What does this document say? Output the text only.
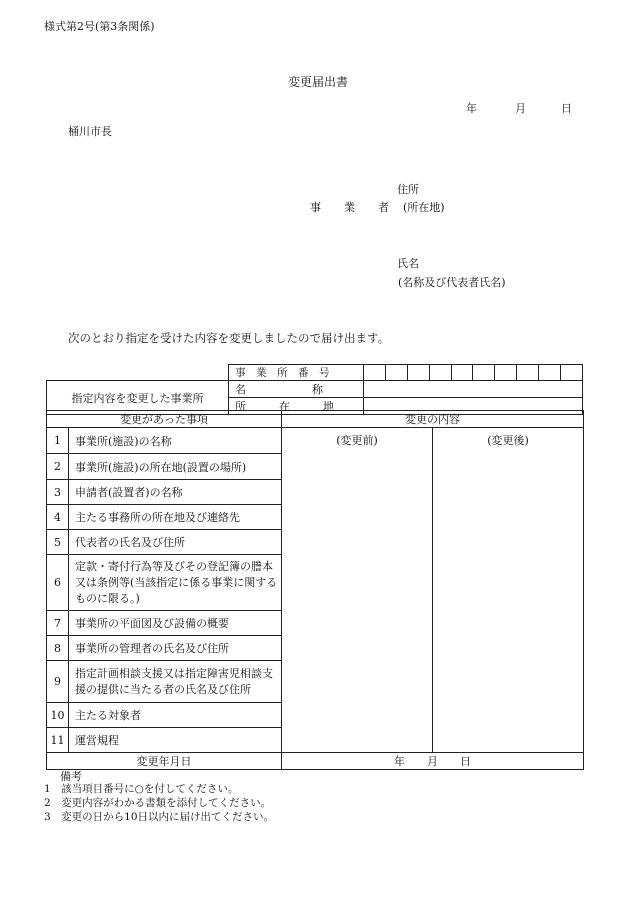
様式第2号(第3条関係)
変更届出書
年	月	日
桶川市長
住所
事　業　者 (所在地)
氏名
(名称及び代表者氏名)
次のとおり指定を受けた内容を変更しましたので届け出ます。
	事　業　所　番　号										
指定内容を変更した事業所	名　　　　　　称										
	所　　　在　　　地										
変更があった事項		変更の内容	
1	事業所(施設)の名称	(変更前)	(変更後)
2	事業所(施設)の所在地(設置の場所)		
3	申請者(設置者)の名称		
4	主たる事務所の所在地及び連絡先		
5	代表者の氏名及び住所		
6	定款・寄付行為等及びその登記簿の謄本又は条例等(当該指定に係る事業に関するものに限る。)		
7	事業所の平面図及び設備の概要		
8	事業所の管理者の氏名及び住所		
9	指定計画相談支援又は指定障害児相談支援の提供に当たる者の氏名及び住所		
10	主たる対象者		
11	運営規程		
変更年月日		年　　月　　日	
備考
1　該当項目番号に○を付してください。
2　変更内容がわかる書類を添付してください。
3　変更の日から10日以内に届け出てください。
